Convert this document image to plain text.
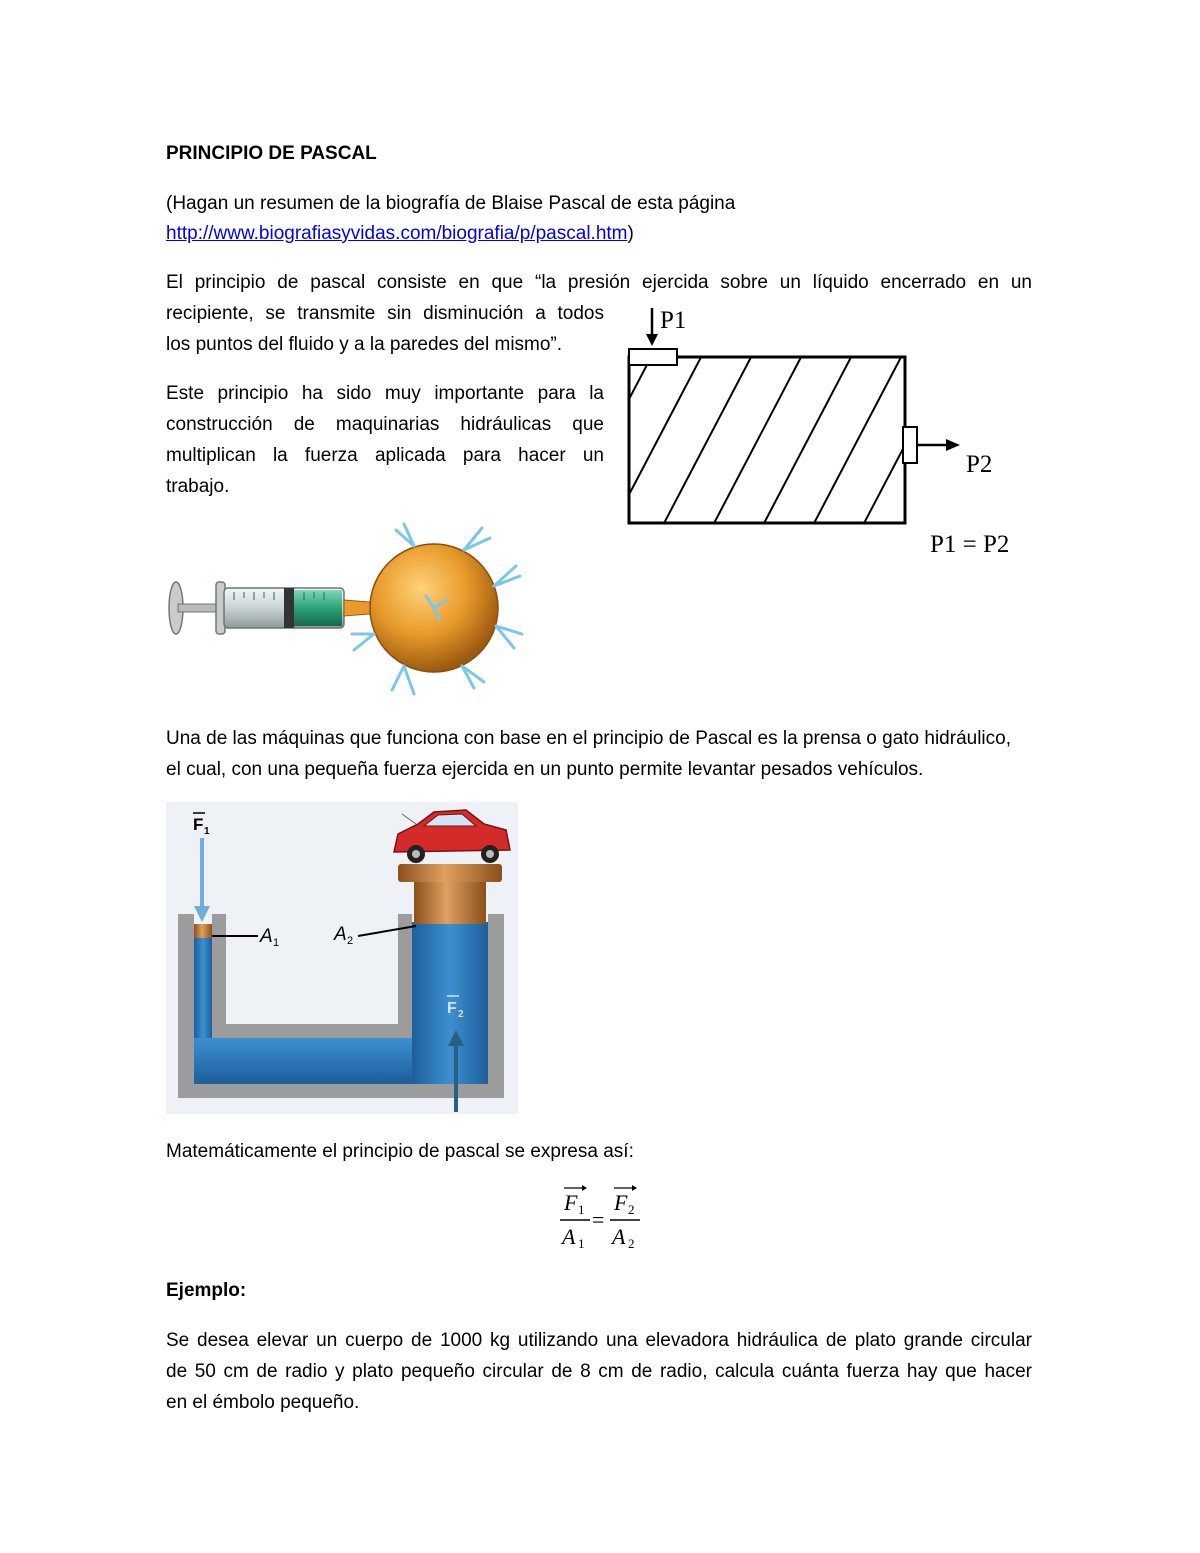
PRINCIPIO DE PASCAL
(Hagan un resumen de la biografía de Blaise Pascal de esta página
http://www.biografiasyvidas.com/biografia/p/pascal.htm)
El principio de pascal consiste en que “la presión ejercida sobre un líquido encerrado en un
recipiente, se transmite sin disminución a todos
los puntos del fluido y a la paredes del mismo”.
Este principio ha sido muy importante para la
construcción de maquinarias hidráulicas que
multiplican la fuerza aplicada para hacer un
trabajo.
P1
P2
P1 = P2
Una de las máquinas que funciona con base en el principio de Pascal es la prensa o gato hidráulico,
el cual, con una pequeña fuerza ejercida en un punto permite levantar pesados vehículos.
F 1
F 2
A 1	A 2
Matemáticamente el principio de pascal se expresa así:
F 1
A 1
=
F 2
A 2
Ejemplo:
Se desea elevar un cuerpo de 1000 kg utilizando una elevadora hidráulica de plato grande circular
de 50 cm de radio y plato pequeño circular de 8 cm de radio, calcula cuánta fuerza hay que hacer
en el émbolo pequeño.
